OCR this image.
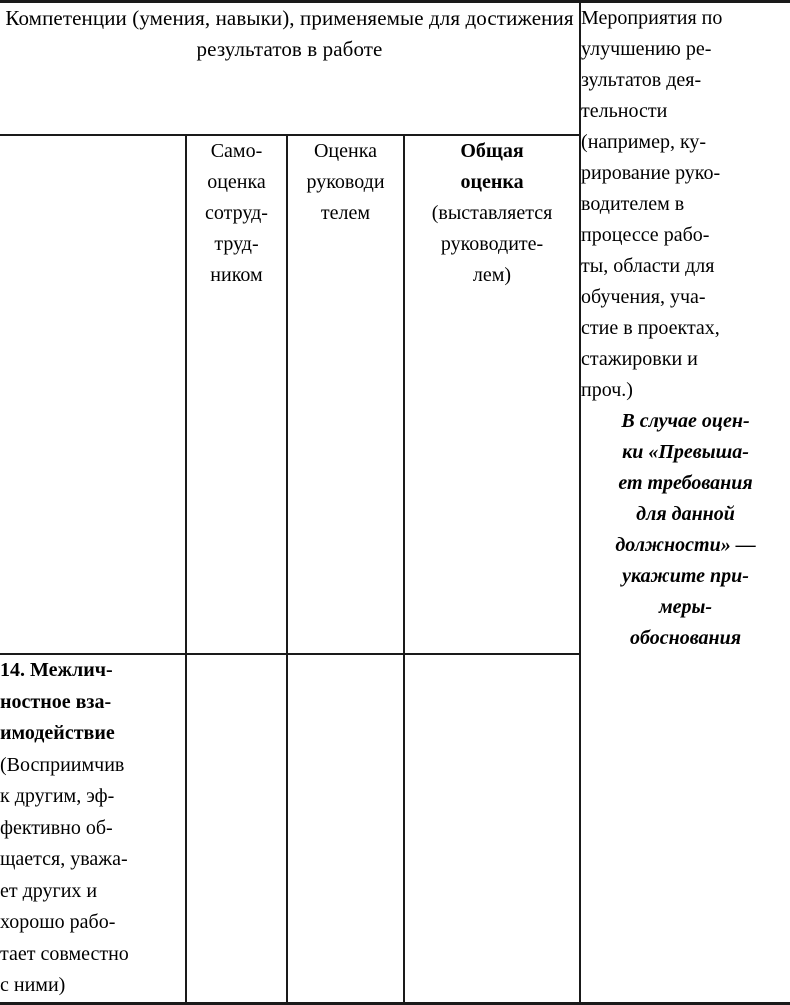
Компетенции (умения, навыки), применяемые для достижения результатов в работе	Мероприятия по
улучшению ре-
зультатов дея-
тельности
(например, ку-
рирование руко-
водителем в
процессе рабо-
ты, области для
обучения, уча-
стие в проектах,
стажировки и
проч.)
В случае оцен-
ки «Превыша-
ет требования
для данной
должности» —
укажите при-
меры-
обоснования

	Само-
оценка
сотруд-
труд-
ником	Оценка
руководи
телем	Общая
оценка
(выставляется
руководите-
лем)	

14. Межлич-
ностное вза-
имодействие
(Восприимчив
к другим, эф-
фективно об-
щается, уважа-
ет других и
хорошо рабо-
тает совместно
с ними)				
